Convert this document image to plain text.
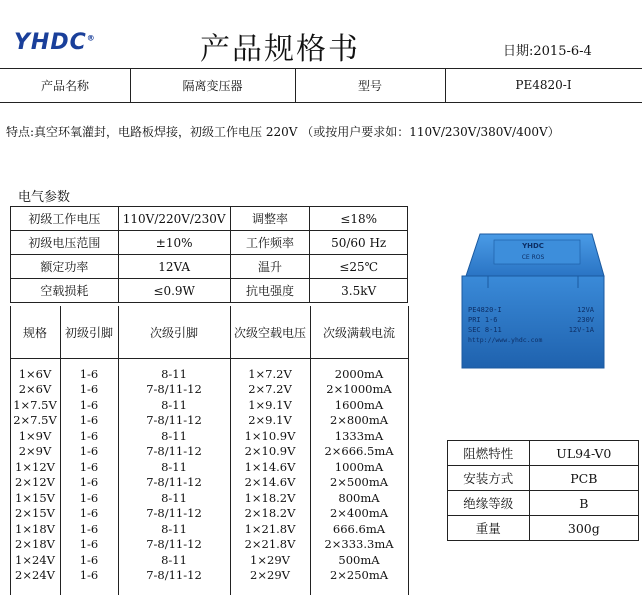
YHDC®	产品规格书	日期:2015-6-4
产品名称	隔离变压器	型号	PE4820-I
特点:真空环氧灌封，电路板焊接，初级工作电压 220V （或按用户要求如：110V/230V/380V/400V）
电气参数
初级工作电压	110V/220V/230V	调整率	≤18%
初级电压范围	±10%	工作频率	50/60 Hz
额定功率	12VA	温升	≤25℃
空载损耗	≤0.9W	抗电强度	3.5kV
规格	初级引脚	次级引脚	次级空载电压	次级满载电流
1×6V	1-6	8-11	1×7.2V	2000mA
2×6V	1-6	7-8/11-12	2×7.2V	2×1000mA
1×7.5V	1-6	8-11	1×9.1V	1600mA
2×7.5V	1-6	7-8/11-12	2×9.1V	2×800mA
1×9V	1-6	8-11	1×10.9V	1333mA
2×9V	1-6	7-8/11-12	2×10.9V	2×666.5mA
1×12V	1-6	8-11	1×14.6V	1000mA
2×12V	1-6	7-8/11-12	2×14.6V	2×500mA
1×15V	1-6	8-11	1×18.2V	800mA
2×15V	1-6	7-8/11-12	2×18.2V	2×400mA
1×18V	1-6	8-11	1×21.8V	666.6mA
2×18V	1-6	7-8/11-12	2×21.8V	2×333.3mA
1×24V	1-6	8-11	1×29V	500mA
2×24V	1-6	7-8/11-12	2×29V	2×250mA
YHDC
CE ROS
PE4820-I	12VA
PRI 1-6	230V
SEC 8-11	12V-1A
http://www.yhdc.com
阻燃特性	UL94-V0
安装方式	PCB
绝缘等级	B
重量	300g
